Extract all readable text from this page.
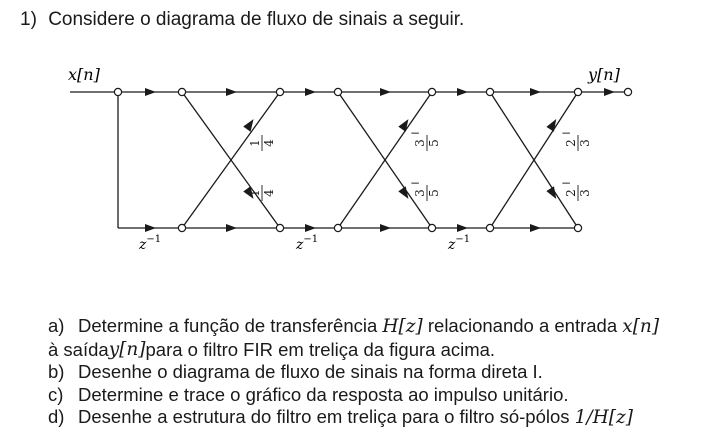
1) Considere o diagrama de fluxo de sinais a seguir.
x[n]	y[n]
$z^{-1}$	$z^{-1}$	$z^{-1}$
1 4
1 4
3 5
−
3 5
−
2 3
−
2 3
−
a) Determine a função de transferência H[z] relacionando a entrada x[n]
à saída y[n] para o filtro FIR em treliça da figura acima.
b) Desenhe o diagrama de fluxo de sinais na forma direta I.
c) Determine e trace o gráfico da resposta ao impulso unitário.
d) Desenhe a estrutura do filtro em treliça para o filtro só-pólos 1/H[z]
